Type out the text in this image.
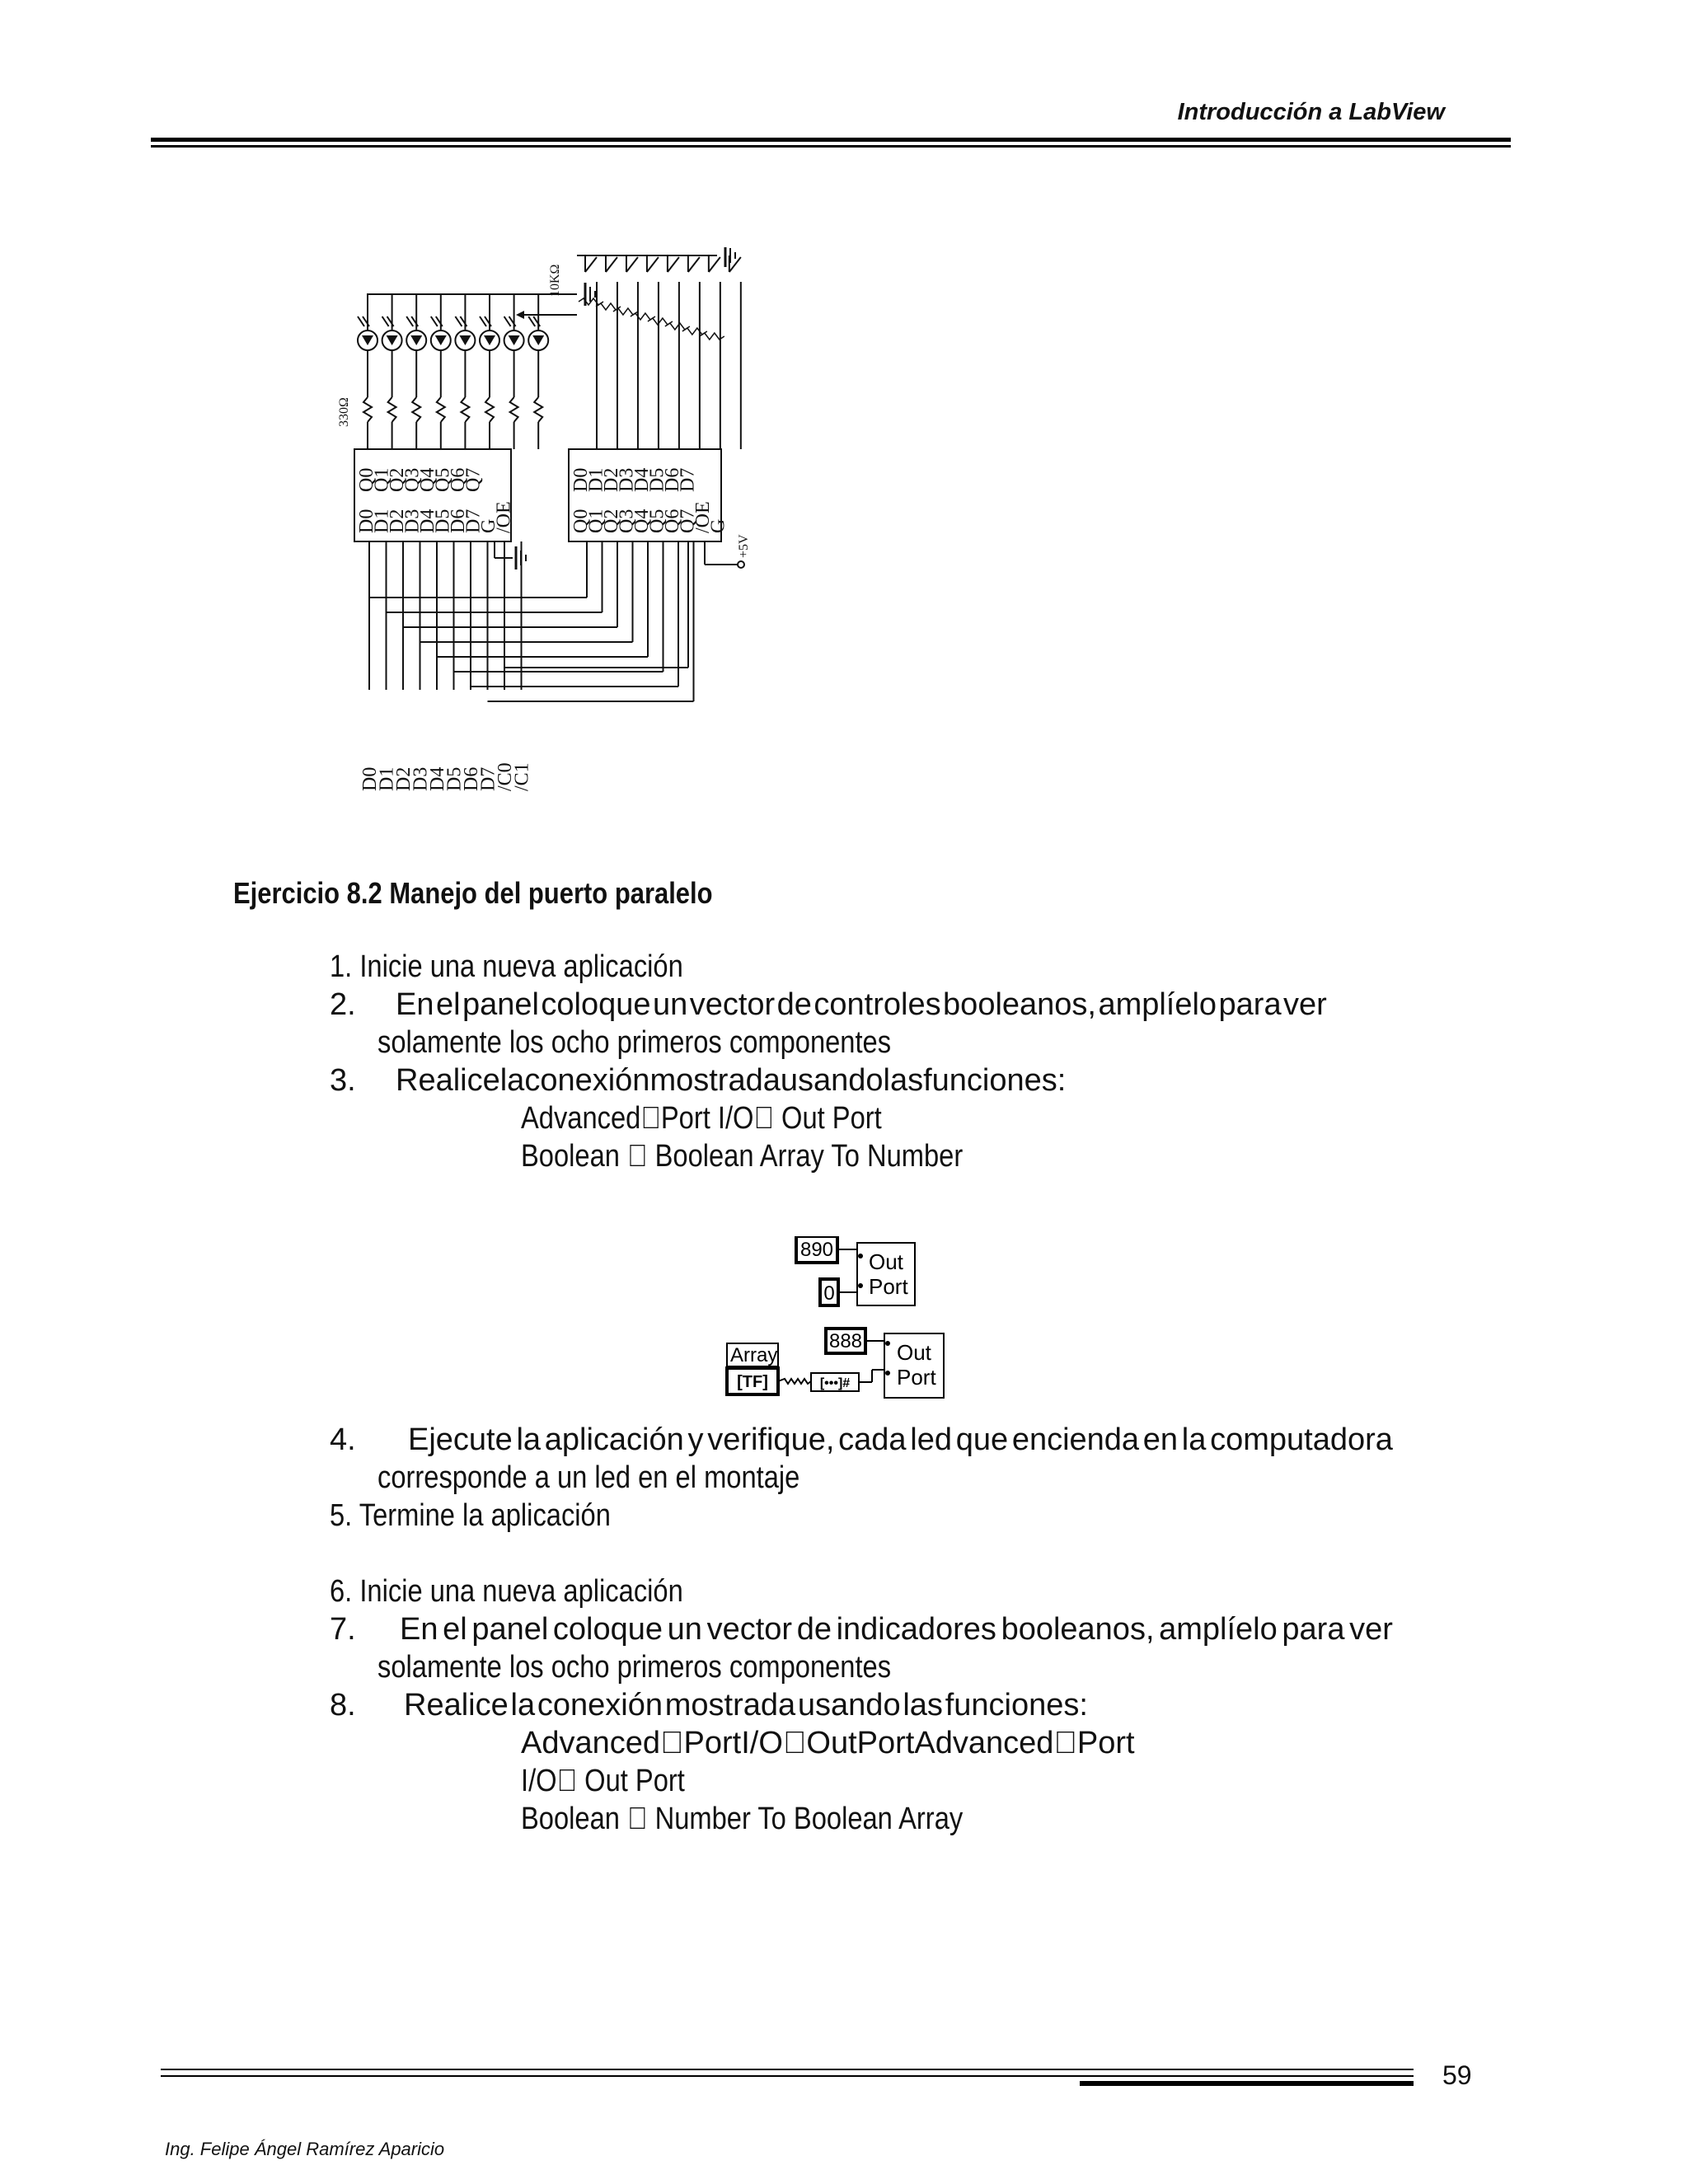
Introducción a LabView
Q0
Q1
Q2
Q3
Q4
Q5
Q6
Q7
D0
D1
D2
D3
D4
D5
D6
D7
G
/OE
330Ω
D0
D1
D2
D3
D4
D5
D6
D7
Q0
Q1
Q2
Q3
Q4
Q5
Q6
Q7
/OE
G
10KΩ
+5V
D0
D1
D2
D3
D4
D5
D6
D7
/C0
/C1
Ejercicio 8.2 Manejo del puerto paralelo
1. Inicie una nueva aplicación
2. En el panel coloque un vector de controles booleanos, amplíelo para ver
solamente los ocho primeros componentes
3. Realice la conexión mostrada usando las funciones:
Advanced Port I/O Out Port
Boolean Boolean Array To Number
890
0
Out
Port
Array
[TF]	[•••]#
888 Out
Port
4. Ejecute la aplicación y verifique, cada led que encienda en la computadora
corresponde a un led en el montaje
5. Termine la aplicación
6. Inicie una nueva aplicación
7. En el panel coloque un vector de indicadores booleanos, amplíelo para ver
solamente los ocho primeros componentes
8. Realice la conexión mostrada usando las funciones:
Advanced Port I/O Out Port Advanced Port
I/O Out Port
Boolean Number To Boolean Array
59
Ing. Felipe Ángel Ramírez Aparicio
